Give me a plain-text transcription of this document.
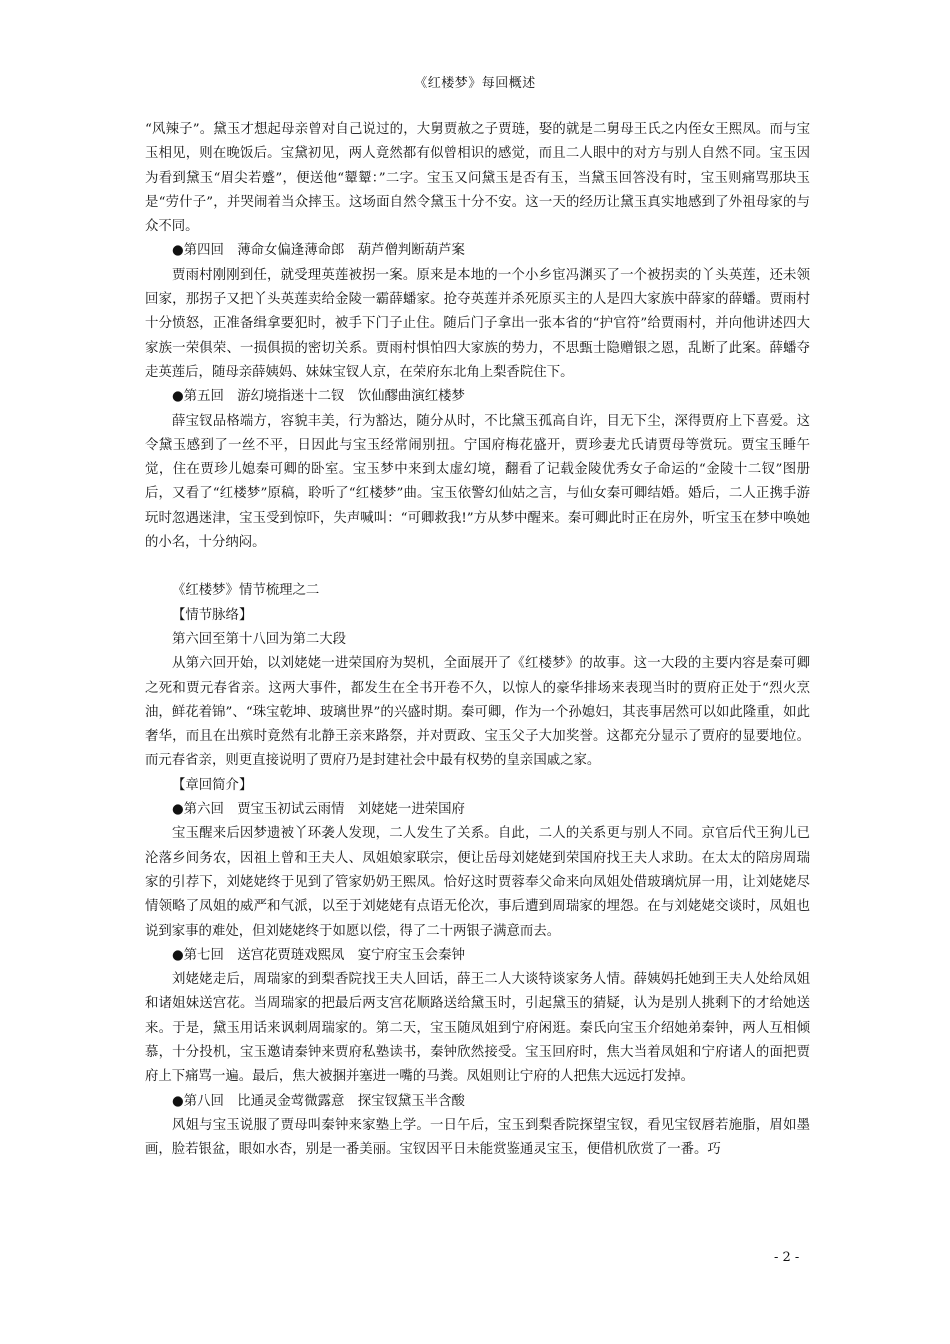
《红楼梦》每回概述

“风辣子”。黛玉才想起母亲曾对自己说过的，大舅贾赦之子贾琏，娶的就是二舅母王氏之内侄女王熙凤。而与宝玉相见，则在晚饭后。宝黛初见，两人竟然都有似曾相识的感觉，而且二人眼中的对方与别人自然不同。宝玉因为看到黛玉“眉尖若蹙”，便送他“颦颦：”二字。宝玉又问黛玉是否有玉，当黛玉回答没有时，宝玉则痛骂那块玉是“劳什子”，并哭闹着当众摔玉。这场面自然令黛玉十分不安。这一天的经历让黛玉真实地感到了外祖母家的与众不同。

●第四回　薄命女偏逢薄命郎　葫芦僧判断葫芦案

贾雨村刚刚到任，就受理英莲被拐一案。原来是本地的一个小乡宦冯渊买了一个被拐卖的丫头英莲，还未领回家，那拐子又把丫头英莲卖给金陵一霸薛蟠家。抢夺英莲并杀死原买主的人是四大家族中薛家的薛蟠。贾雨村十分愤怒，正准备缉拿要犯时，被手下门子止住。随后门子拿出一张本省的“护官符”给贾雨村，并向他讲述四大家族一荣俱荣、一损俱损的密切关系。贾雨村惧怕四大家族的势力，不思甄士隐赠银之恩，乱断了此案。薛蟠夺走英莲后，随母亲薛姨妈、妹妹宝钗人京，在荣府东北角上梨香院住下。

●第五回　游幻境指迷十二钗　饮仙醪曲演红楼梦

薛宝钗品格端方，容貌丰美，行为豁达，随分从时，不比黛玉孤高自许，目无下尘，深得贾府上下喜爱。这令黛玉感到了一丝不平，日因此与宝玉经常闹别扭。宁国府梅花盛开，贾珍妻尤氏请贾母等赏玩。贾宝玉睡午觉，住在贾珍儿媳秦可卿的卧室。宝玉梦中来到太虚幻境，翻看了记载金陵优秀女子命运的“金陵十二钗”图册后，又看了“红楼梦”原稿，聆听了“红楼梦”曲。宝玉依警幻仙姑之言，与仙女秦可卿结婚。婚后，二人正携手游玩时忽遇迷津，宝玉受到惊吓，失声喊叫：“可卿救我!”方从梦中醒来。秦可卿此时正在房外，听宝玉在梦中唤她的小名，十分纳闷。

《红楼梦》情节梳理之二

【情节脉络】

第六回至第十八回为第二大段

从第六回开始，以刘姥姥一进荣国府为契机，全面展开了《红楼梦》的故事。这一大段的主要内容是秦可卿之死和贾元春省亲。这两大事件，都发生在全书开卷不久，以惊人的豪华排场来表现当时的贾府正处于“烈火烹油，鲜花着锦”、“珠宝乾坤、玻璃世界”的兴盛时期。秦可卿，作为一个孙媳妇，其丧事居然可以如此隆重，如此奢华，而且在出殡时竟然有北静王亲来路祭，并对贾政、宝玉父子大加奖誉。这都充分显示了贾府的显要地位。而元春省亲，则更直接说明了贾府乃是封建社会中最有权势的皇亲国戚之家。

【章回简介】

●第六回　贾宝玉初试云雨情　刘姥姥一进荣国府

宝玉醒来后因梦遗被丫环袭人发现，二人发生了关系。自此，二人的关系更与别人不同。京官后代王狗儿已沦落乡间务农，因祖上曾和王夫人、凤姐娘家联宗，便让岳母刘姥姥到荣国府找王夫人求助。在太太的陪房周瑞家的引荐下，刘姥姥终于见到了管家奶奶王熙凤。恰好这时贾蓉奉父命来向凤姐处借玻璃炕屏一用，让刘姥姥尽情领略了凤姐的威严和气派，以至于刘姥姥有点语无伦次，事后遭到周瑞家的埋怨。在与刘姥姥交谈时，凤姐也说到家事的难处，但刘姥姥终于如愿以偿，得了二十两银子满意而去。

●第七回　送宫花贾琏戏熙凤　宴宁府宝玉会秦钟

刘姥姥走后，周瑞家的到梨香院找王夫人回话，薛王二人大谈特谈家务人情。薛姨妈托她到王夫人处给凤姐和诸姐妹送宫花。当周瑞家的把最后两支宫花顺路送给黛玉时，引起黛玉的猜疑，认为是别人挑剩下的才给她送来。于是，黛玉用话来讽刺周瑞家的。第二天，宝玉随凤姐到宁府闲逛。秦氏向宝玉介绍她弟秦钟，两人互相倾慕，十分投机，宝玉邀请秦钟来贾府私塾读书，秦钟欣然接受。宝玉回府时，焦大当着凤姐和宁府诸人的面把贾府上下痛骂一遍。最后，焦大被捆并塞进一嘴的马粪。凤姐则让宁府的人把焦大远远打发掉。

●第八回　比通灵金莺微露意　探宝钗黛玉半含酸

风姐与宝玉说服了贾母叫秦钟来家塾上学。一日午后，宝玉到梨香院探望宝钗，看见宝钗唇若施脂，眉如墨画，脸若银盆，眼如水杏，别是一番美丽。宝钗因平日未能赏鉴通灵宝玉，便借机欣赏了一番。巧

- 2 -
